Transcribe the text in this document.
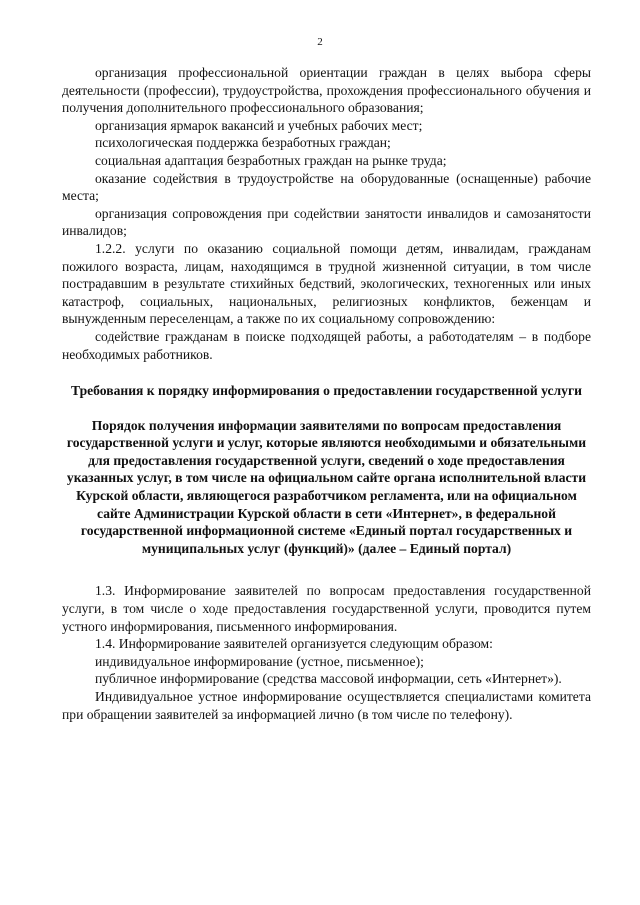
2

организация профессиональной ориентации граждан в целях выбора сферы деятельности (профессии), трудоустройства, прохождения профессионального обучения и получения дополнительного профессионального образования;

организация ярмарок вакансий и учебных рабочих мест;

психологическая поддержка безработных граждан;

социальная адаптация безработных граждан на рынке труда;

оказание содействия в трудоустройстве на оборудованные (оснащенные) рабочие места;

организация сопровождения при содействии занятости инвалидов и самозанятости инвалидов;

1.2.2. услуги по оказанию социальной помощи детям, инвалидам, гражданам пожилого возраста, лицам, находящимся в трудной жизненной ситуации, в том числе пострадавшим в результате стихийных бедствий, экологических, техногенных или иных катастроф, социальных, национальных, религиозных конфликтов, беженцам и вынужденным переселенцам, а также по их социальному сопровождению:

содействие гражданам в поиске подходящей работы, а работодателям – в подборе необходимых работников.

Требования к порядку информирования о предоставлении государственной услуги
Порядок получения информации заявителями по вопросам предоставления государственной услуги и услуг, которые являются необходимыми и обязательными для предоставления государственной услуги, сведений о ходе предоставления указанных услуг, в том числе на официальном сайте органа исполнительной власти Курской области, являющегося разработчиком регламента, или на официальном сайте Администрации Курской области в сети «Интернет», в федеральной государственной информационной системе «Единый портал государственных и муниципальных услуг (функций)» (далее – Единый портал)

1.3. Информирование заявителей по вопросам предоставления государственной услуги, в том числе о ходе предоставления государственной услуги, проводится путем устного информирования, письменного информирования.

1.4. Информирование заявителей организуется следующим образом:

индивидуальное информирование (устное, письменное);

публичное информирование (средства массовой информации, сеть «Интернет»).

Индивидуальное устное информирование осуществляется специалистами комитета при обращении заявителей за информацией лично (в том числе по телефону).
